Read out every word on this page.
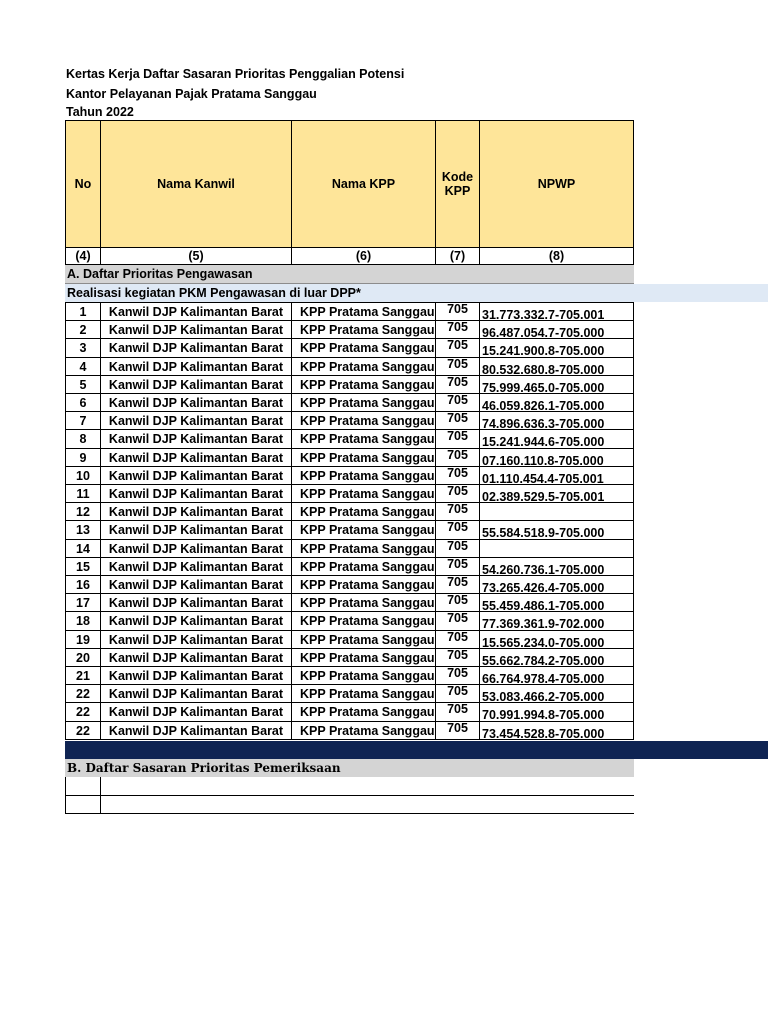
Kertas Kerja Daftar Sasaran Prioritas Penggalian Potensi
Kantor Pelayanan Pajak Pratama Sanggau
Tahun 2022
No	Nama Kanwil	Nama KPP	Kode KPP	NPWP
(4)	(5)	(6)	(7)	(8)
A. Daftar Prioritas Pengawasan
Realisasi kegiatan PKM Pengawasan di luar DPP*
1	Kanwil DJP Kalimantan Barat	KPP Pratama Sanggau	705	31.773.332.7-705.001
2	Kanwil DJP Kalimantan Barat	KPP Pratama Sanggau	705	96.487.054.7-705.000
3	Kanwil DJP Kalimantan Barat	KPP Pratama Sanggau	705	15.241.900.8-705.000
4	Kanwil DJP Kalimantan Barat	KPP Pratama Sanggau	705	80.532.680.8-705.000
5	Kanwil DJP Kalimantan Barat	KPP Pratama Sanggau	705	75.999.465.0-705.000
6	Kanwil DJP Kalimantan Barat	KPP Pratama Sanggau	705	46.059.826.1-705.000
7	Kanwil DJP Kalimantan Barat	KPP Pratama Sanggau	705	74.896.636.3-705.000
8	Kanwil DJP Kalimantan Barat	KPP Pratama Sanggau	705	15.241.944.6-705.000
9	Kanwil DJP Kalimantan Barat	KPP Pratama Sanggau	705	07.160.110.8-705.000
10	Kanwil DJP Kalimantan Barat	KPP Pratama Sanggau	705	01.110.454.4-705.001
11	Kanwil DJP Kalimantan Barat	KPP Pratama Sanggau	705	02.389.529.5-705.001
12	Kanwil DJP Kalimantan Barat	KPP Pratama Sanggau	705
13	Kanwil DJP Kalimantan Barat	KPP Pratama Sanggau	705	55.584.518.9-705.000
14	Kanwil DJP Kalimantan Barat	KPP Pratama Sanggau	705
15	Kanwil DJP Kalimantan Barat	KPP Pratama Sanggau	705	54.260.736.1-705.000
16	Kanwil DJP Kalimantan Barat	KPP Pratama Sanggau	705	73.265.426.4-705.000
17	Kanwil DJP Kalimantan Barat	KPP Pratama Sanggau	705	55.459.486.1-705.000
18	Kanwil DJP Kalimantan Barat	KPP Pratama Sanggau	705	77.369.361.9-702.000
19	Kanwil DJP Kalimantan Barat	KPP Pratama Sanggau	705	15.565.234.0-705.000
20	Kanwil DJP Kalimantan Barat	KPP Pratama Sanggau	705	55.662.784.2-705.000
21	Kanwil DJP Kalimantan Barat	KPP Pratama Sanggau	705	66.764.978.4-705.000
22	Kanwil DJP Kalimantan Barat	KPP Pratama Sanggau	705	53.083.466.2-705.000
22	Kanwil DJP Kalimantan Barat	KPP Pratama Sanggau	705	70.991.994.8-705.000
22	Kanwil DJP Kalimantan Barat	KPP Pratama Sanggau	705	73.454.528.8-705.000
B. Daftar Sasaran Prioritas Pemeriksaan
